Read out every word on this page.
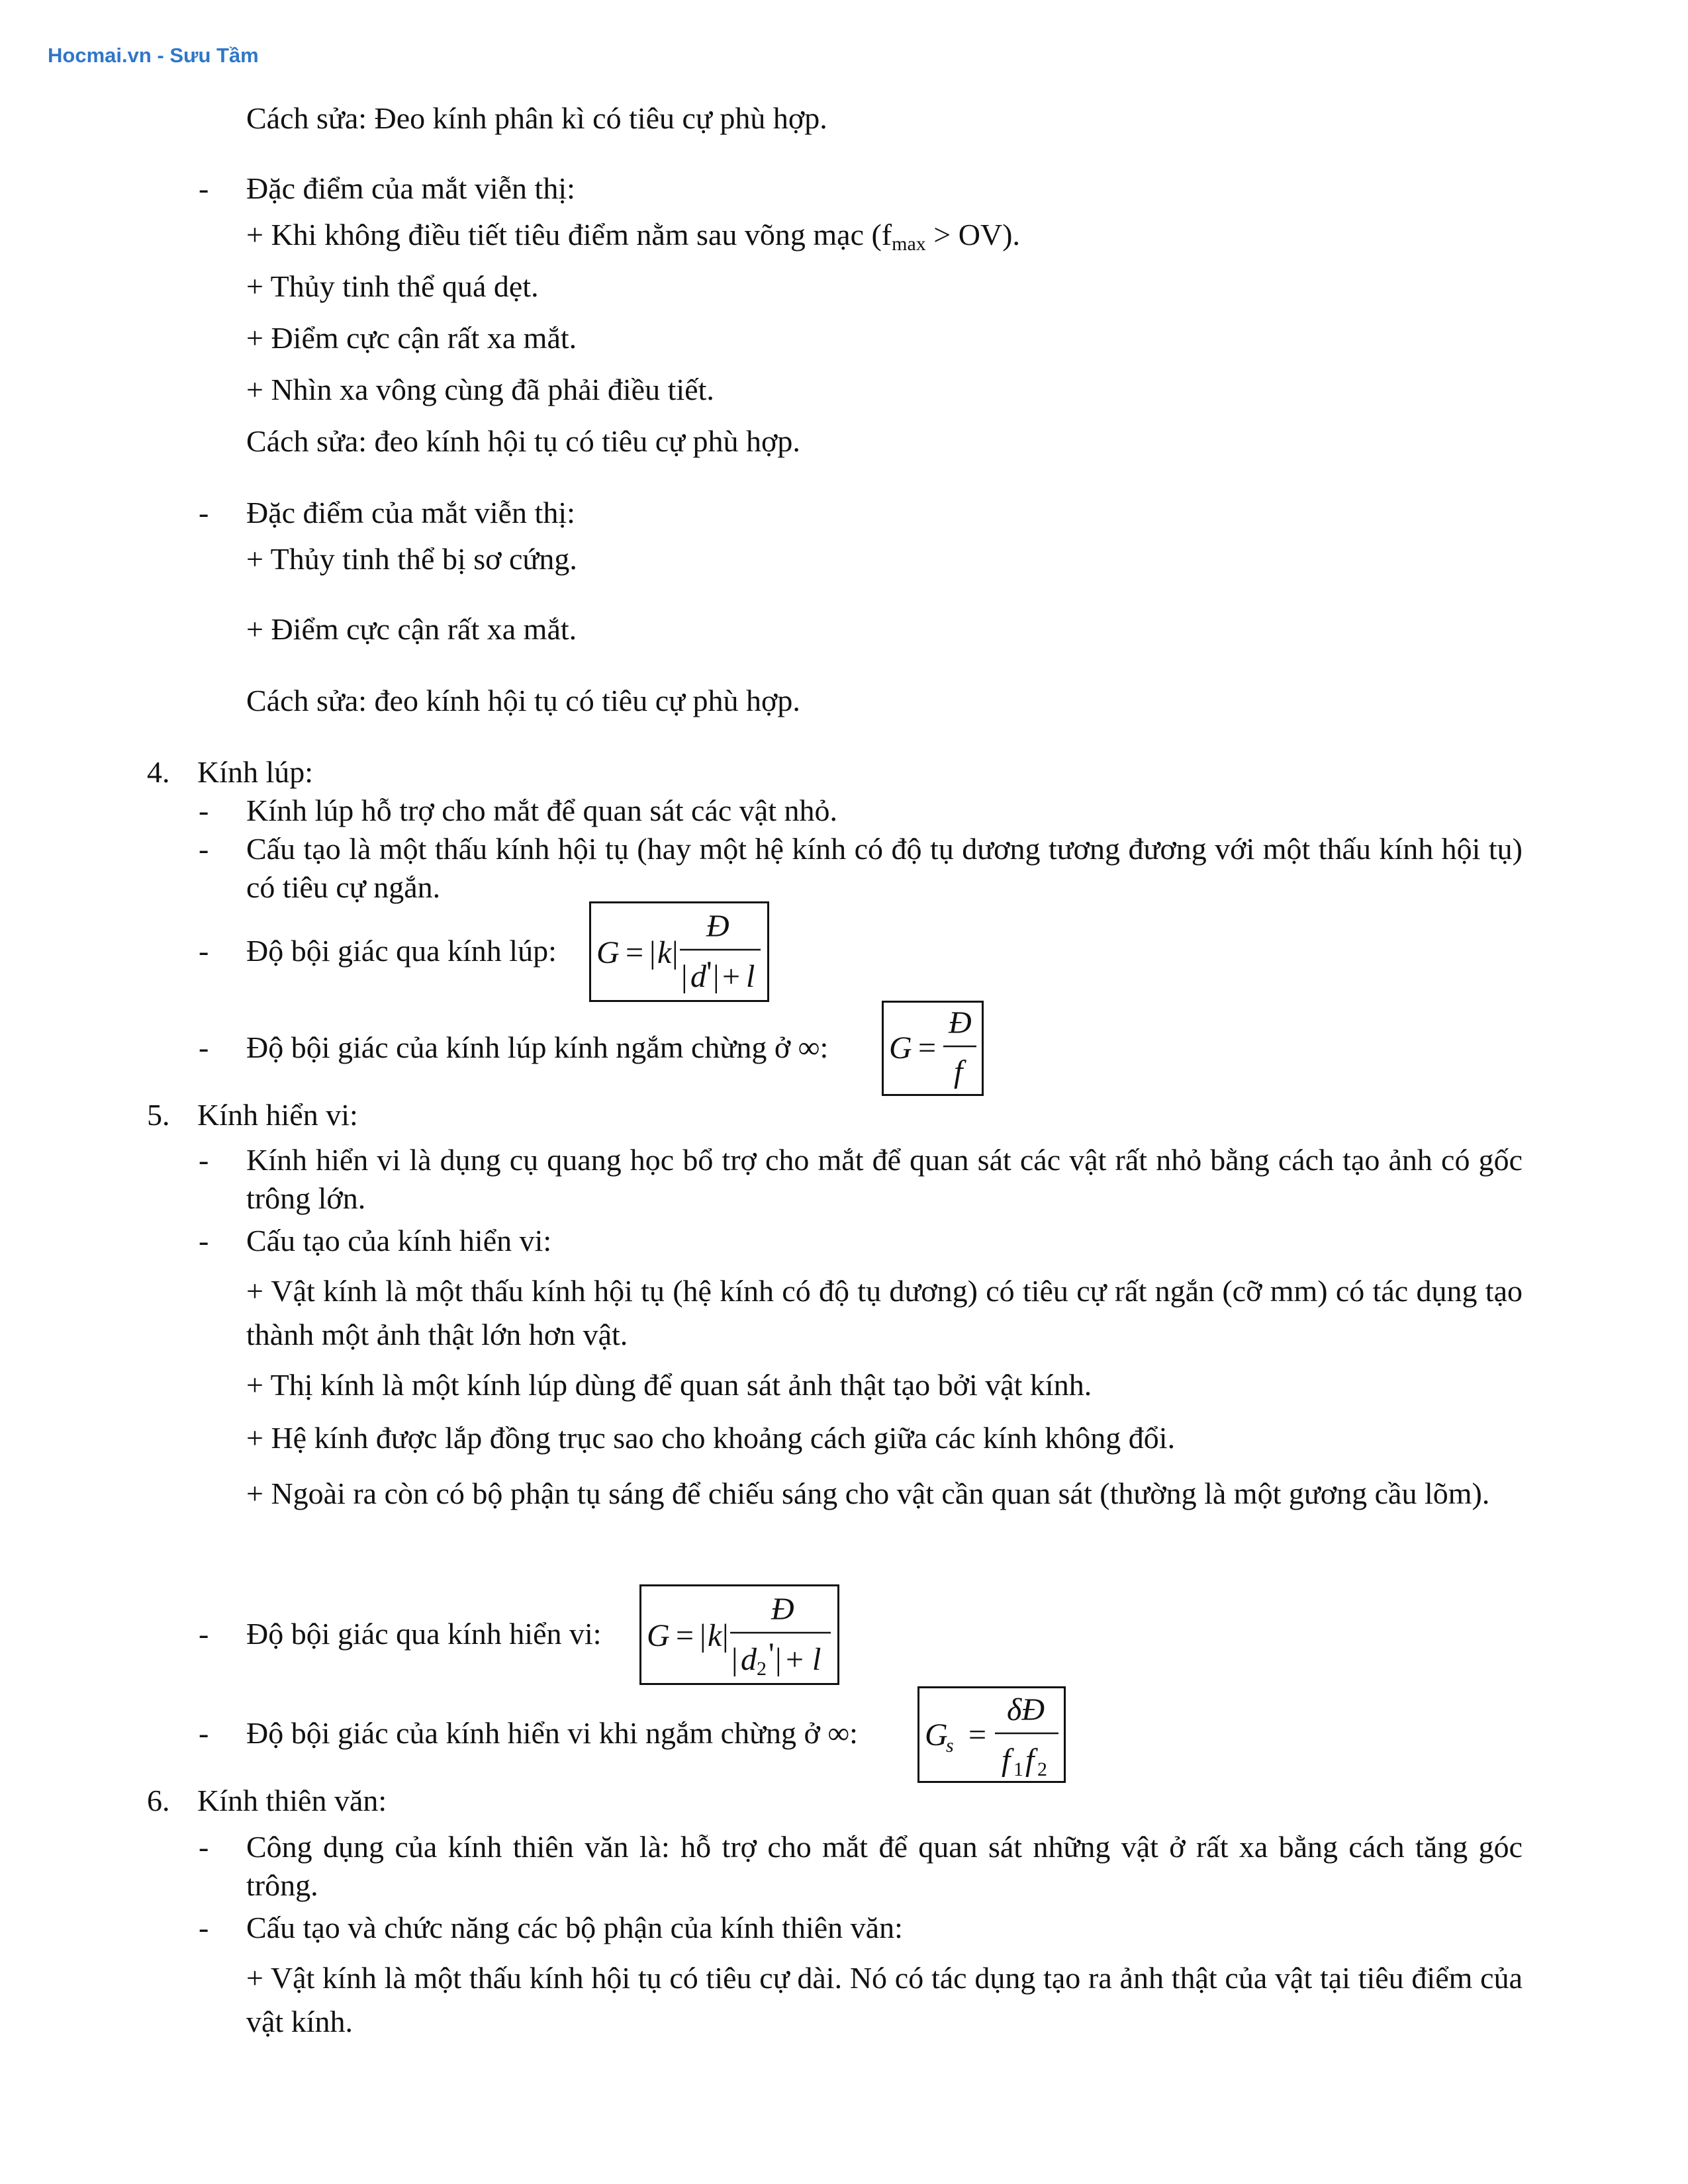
Hocmai.vn - Sưu Tầm
Cách sửa: Đeo kính phân kì có tiêu cự phù hợp.
- Đặc điểm của mắt viễn thị:
+ Khi không điều tiết tiêu điểm nằm sau võng mạc $(f_{max} > OV)$.
+ Thủy tinh thể quá dẹt.
+ Điểm cực cận rất xa mắt.
+ Nhìn xa vông cùng đã phải điều tiết.
Cách sửa: đeo kính hội tụ có tiêu cự phù hợp.
- Đặc điểm của mắt viễn thị:
+ Thủy tinh thể bị sơ cứng.
+ Điểm cực cận rất xa mắt.
Cách sửa: đeo kính hội tụ có tiêu cự phù hợp.
4. Kính lúp:
- Kính lúp hỗ trợ cho mắt để quan sát các vật nhỏ.
- Cấu tạo là một thấu kính hội tụ (hay một hệ kính có độ tụ dương tương đương với một thấu kính hội tụ) có tiêu cự ngắn.
- Độ bội giác qua kính lúp: G = | k |
Đ
| d ' | + l
- Độ bội giác của kính lúp kính ngắm chừng ở ∞: G =
Đ
f
5. Kính hiển vi:
- Kính hiển vi là dụng cụ quang học bổ trợ cho mắt để quan sát các vật rất nhỏ bằng cách tạo ảnh có gốc trông lớn.
- Cấu tạo của kính hiển vi:
+ Vật kính là một thấu kính hội tụ (hệ kính có độ tụ dương) có tiêu cự rất ngắn (cỡ mm) có tác dụng tạo thành một ảnh thật lớn hơn vật.
+ Thị kính là một kính lúp dùng để quan sát ảnh thật tạo bởi vật kính.
+ Hệ kính được lắp đồng trục sao cho khoảng cách giữa các kính không đổi.
+ Ngoài ra còn có bộ phận tụ sáng để chiếu sáng cho vật cần quan sát (thường là một gương cầu lõm).
- Độ bội giác qua kính hiển vi: G = | k |
Đ
| d 2 ' | + l
- Độ bội giác của kính hiển vi khi ngắm chừng ở ∞: G
s =
δĐ
f 1 f 2
6. Kính thiên văn:
- Công dụng của kính thiên văn là: hỗ trợ cho mắt để quan sát những vật ở rất xa bằng cách tăng góc trông.
- Cấu tạo và chức năng các bộ phận của kính thiên văn:
+ Vật kính là một thấu kính hội tụ có tiêu cự dài. Nó có tác dụng tạo ra ảnh thật của vật tại tiêu điểm của vật kính.
